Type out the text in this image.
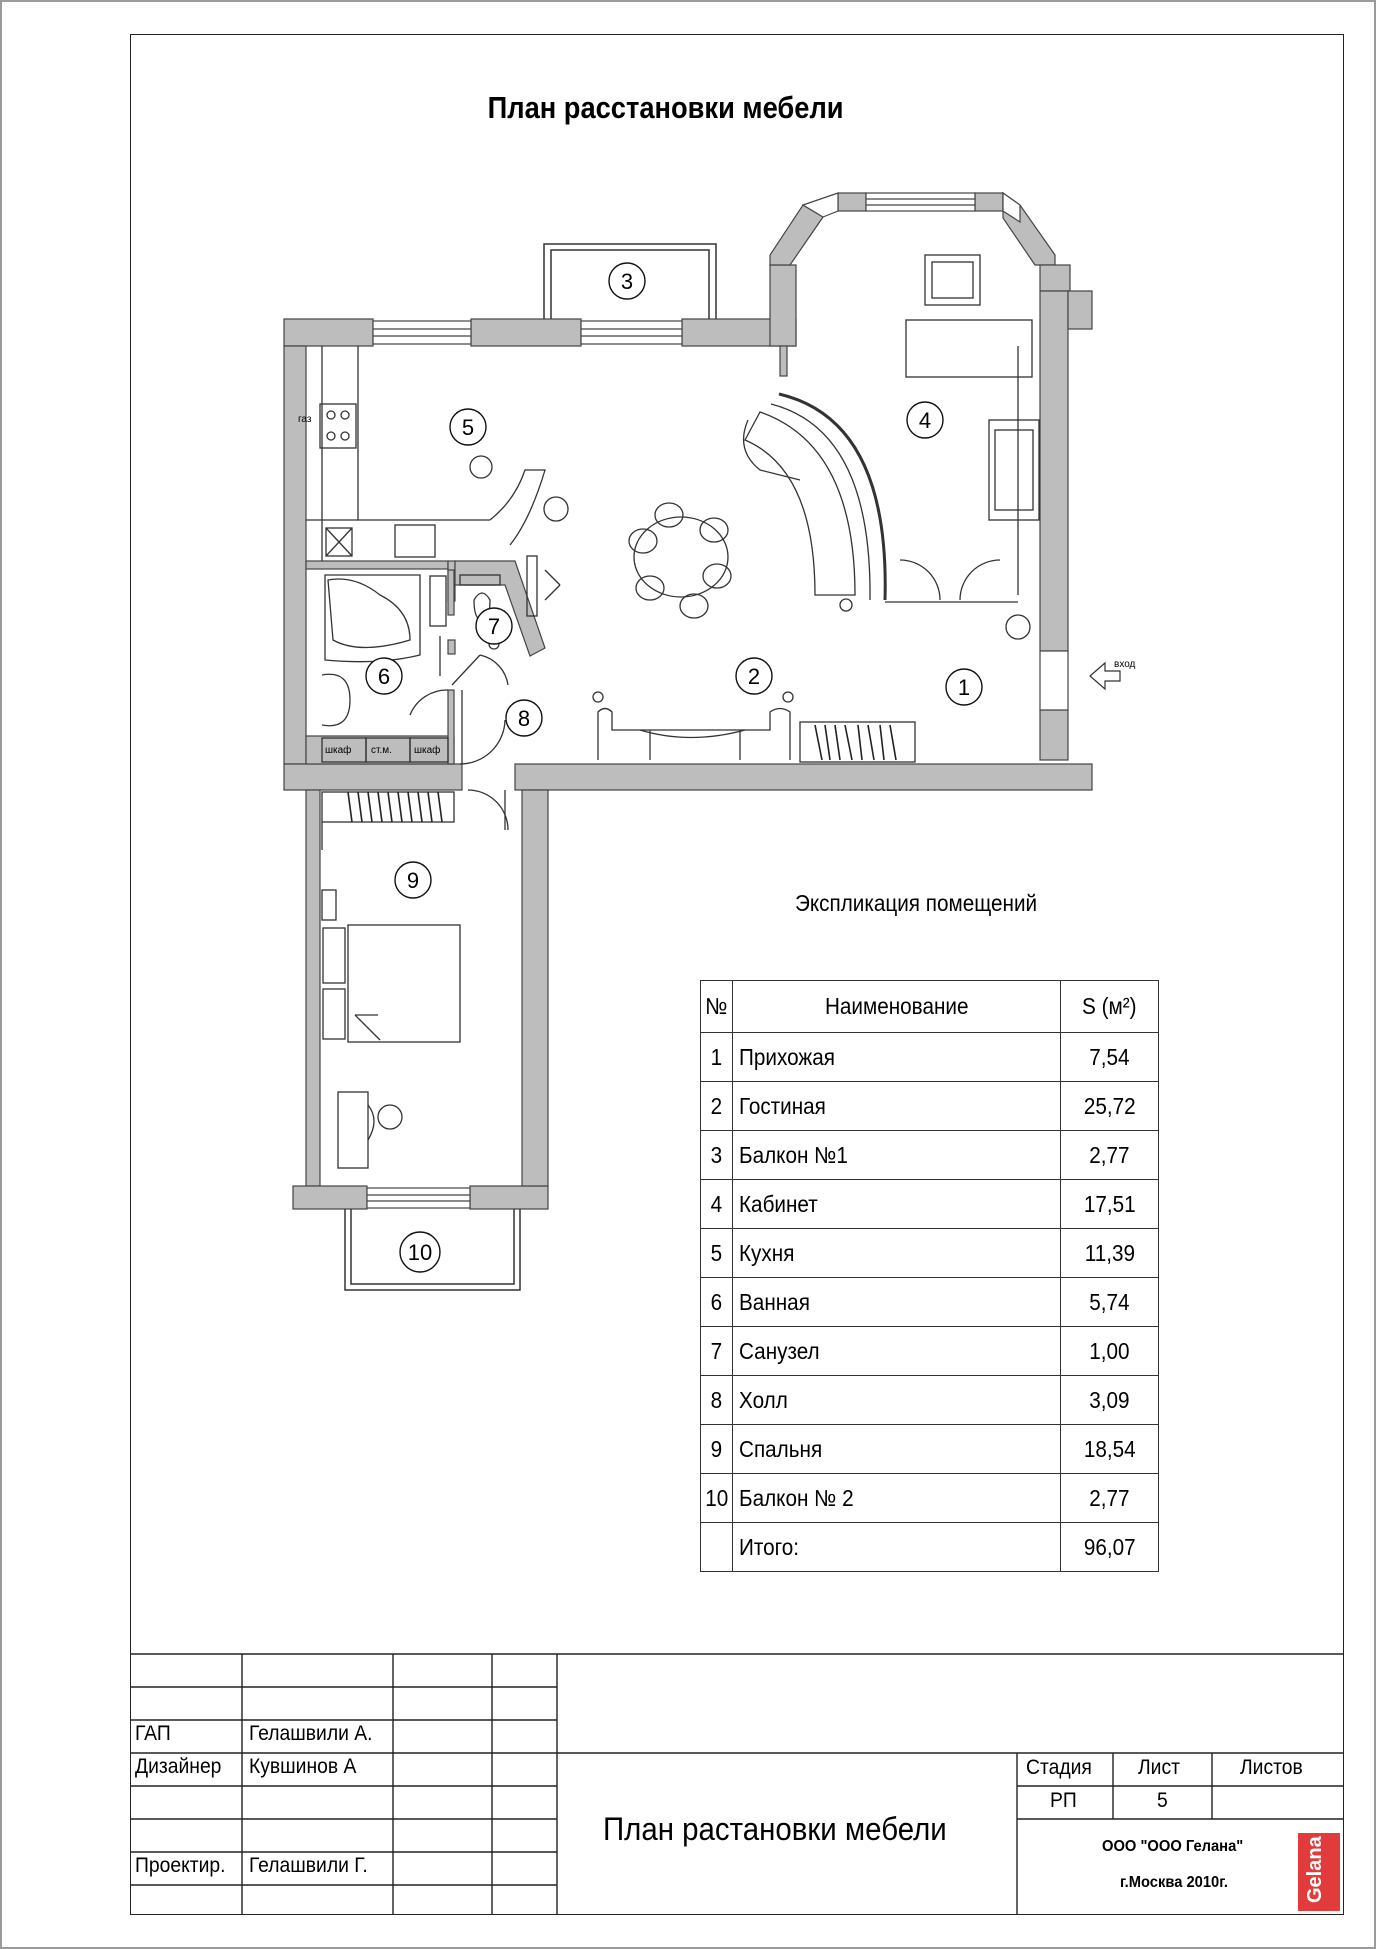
План расстановки мебели
вход
газ
шкаф ст.м. шкаф
1
2
3
4
5
6
7
8
9
10
Экспликация помещений
№	Наименование	S (м²)
1	Прихожая	7,54
2	Гостиная	25,72
3	Балкон №1	2,77
4	Кабинет	17,51
5	Кухня	11,39
6	Ванная	5,74
7	Санузел	1,00
8	Холл	3,09
9	Спальня	18,54
10	Балкон № 2	2,77
	Итого:	96,07
ГАП	Гелашвили А.
Дизайнер	Кувшинов А
Проектир.	Гелашвили Г.
План растановки мебели
Стадия Лист	Листов
РП	5
ООО "ООО Гелана"
г.Москва 2010г.	Gelana
